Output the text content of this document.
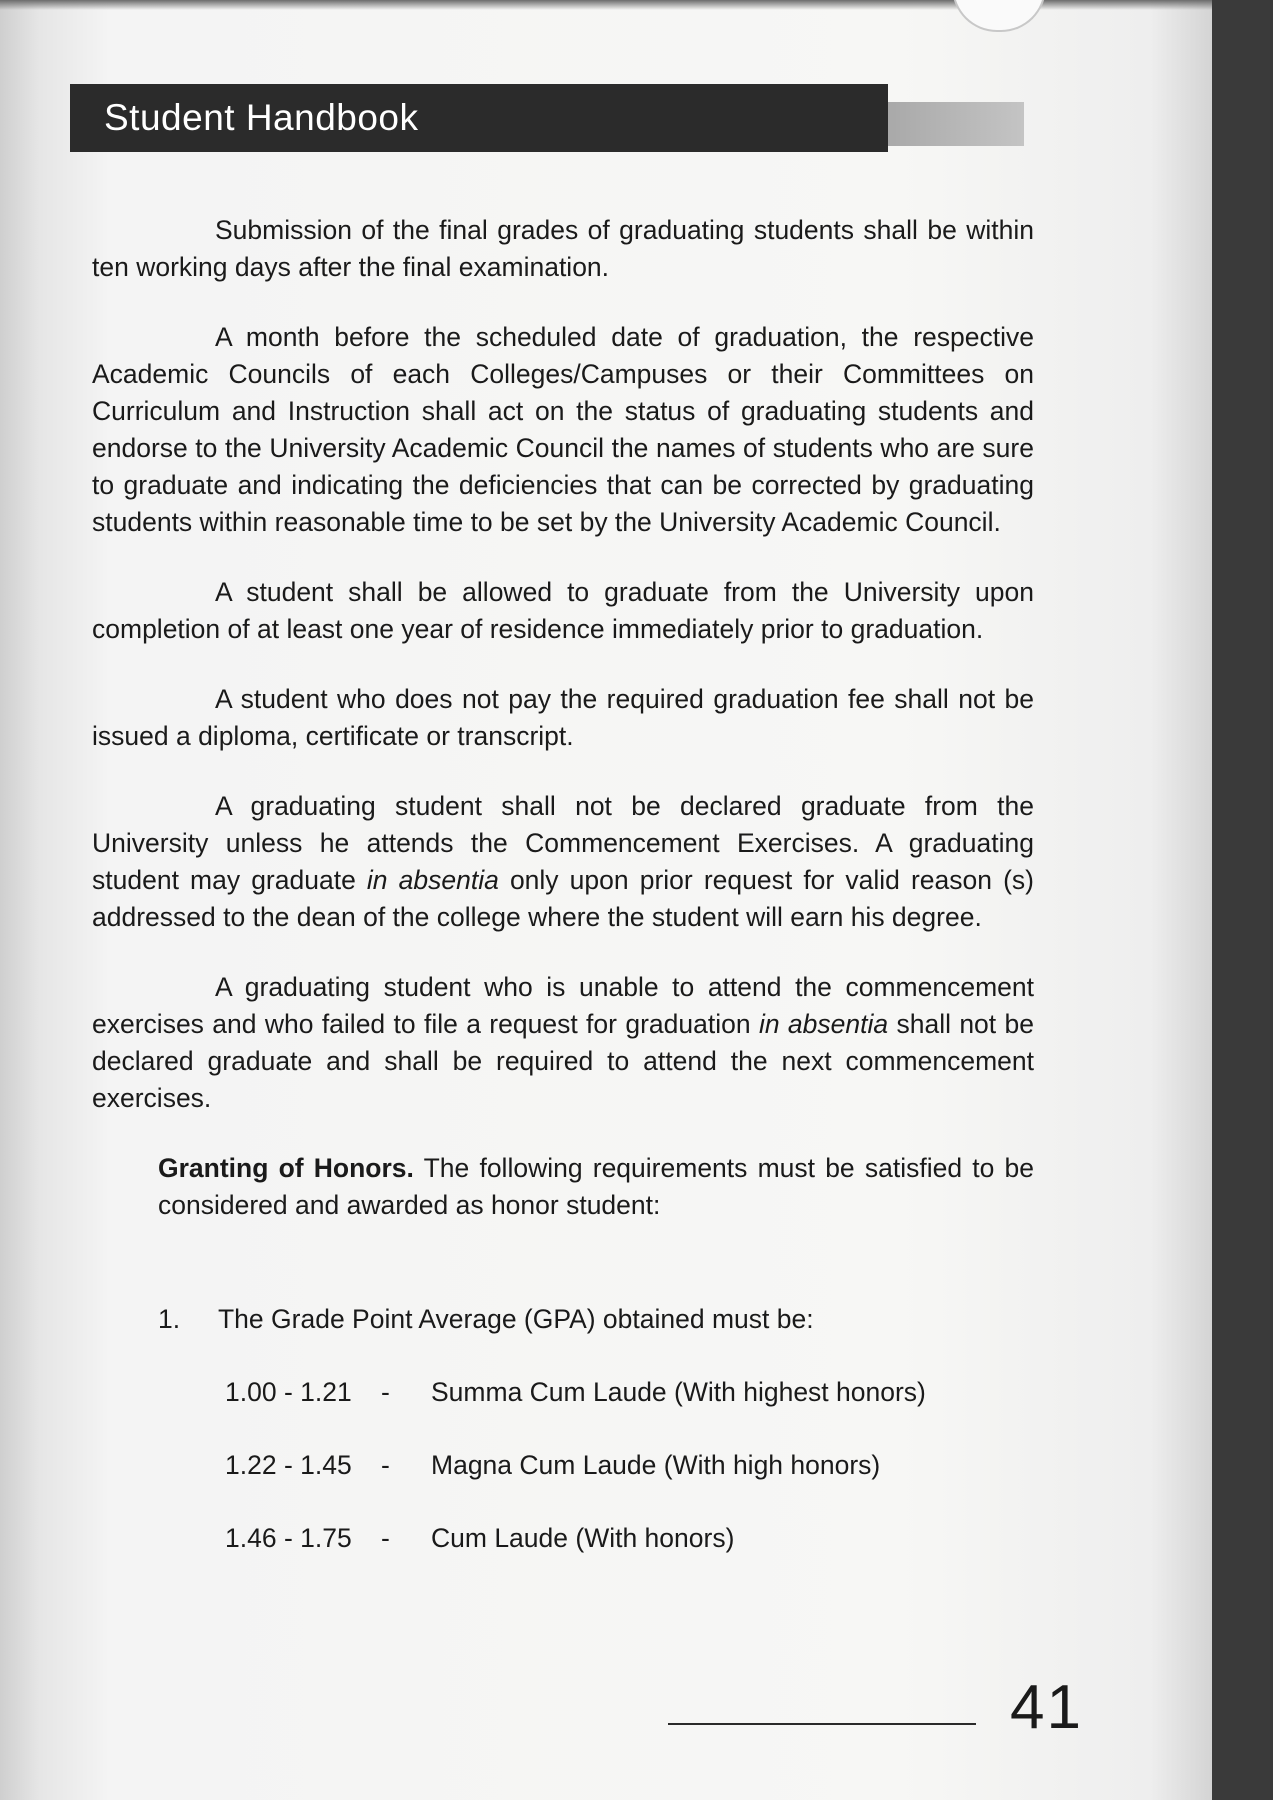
Student Handbook

Submission of the final grades of graduating students shall be within ten working days after the final examination.

A month before the scheduled date of graduation, the respective Academic Councils of each Colleges/Campuses or their Committees on Curriculum and Instruction shall act on the status of graduating students and endorse to the University Academic Council the names of students who are sure to graduate and indicating the deficiencies that can be corrected by graduating students within reasonable time to be set by the University Academic Council.

A student shall be allowed to graduate from the University upon completion of at least one year of residence immediately prior to graduation.

A student who does not pay the required graduation fee shall not be issued a diploma, certificate or transcript.

A graduating student shall not be declared graduate from the University unless he attends the Commencement Exercises. A graduating student may graduate in absentia only upon prior request for valid reason (s) addressed to the dean of the college where the student will earn his degree.

A graduating student who is unable to attend the commencement exercises and who failed to file a request for graduation in absentia shall not be declared graduate and shall be required to attend the next commencement exercises.

Granting of Honors. The following requirements must be satisfied to be considered and awarded as honor student:

1.	The Grade Point Average (GPA) obtained must be:
1.00 - 1.21	-	Summa Cum Laude (With highest honors)
1.22 - 1.45	-	Magna Cum Laude (With high honors)
1.46 - 1.75	-	Cum Laude (With honors)
41
